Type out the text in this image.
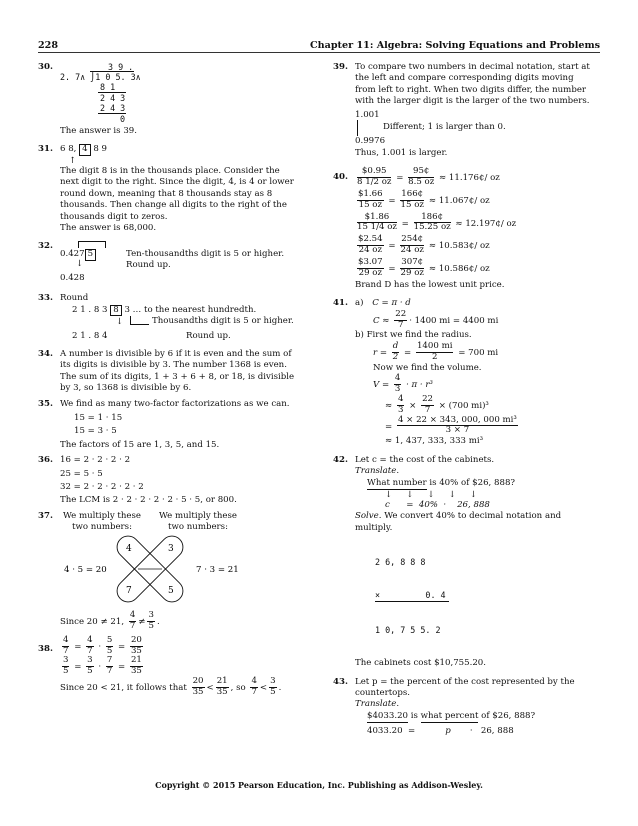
228	Chapter 11: Algebra: Solving Equations and Problems
30.	3 9 .
2. 7∧ ⌡1 0 5. 3∧
8 1
2 4 3
2 4 3
0

The answer is 39.

31. 6 8, 4 8 9
↑

The digit 8 is in the thousands place. Consider the next digit to the right. Since the digit, 4, is 4 or lower round down, meaning that 8 thousands stay as 8 thousands. Then change all digits to the right of the thousands digit to zeros.

The answer is 68,000.

32.
0.427 5	Ten-thousandths digit is 5 or higher.
↓	Round up.
0.428
33. Round

2 1 . 8 3 8 3 … to the nearest hundredth.
↓	Thousandths digit is 5 or higher.
2 1 . 8 4	Round up.
34. A number is divisible by 6 if it is even and the sum of its digits is divisible by 3. The number 1368 is even. The sum of its digits, 1 + 3 + 6 + 8, or 18, is divisible by 3, so 1368 is divisible by 6.

35. We find as many two-factor factorizations as we can.

15 = 1 · 15

15 = 3 · 5

The factors of 15 are 1, 3, 5, and 15.

36. 16 = 2 · 2 · 2 · 2

25 = 5 · 5

32 = 2 · 2 · 2 · 2 · 2

The LCM is 2 · 2 · 2 · 2 · 2 · 5 · 5, or 800.

37.	We multiply these
two numbers:
We multiply these
two numbers:
4	3
7	5
4 · 5 = 20	7 · 3 = 21
Since 20 ≠ 21, $\frac{4}{7} \ne \frac{3}{5}$ .
38. $\frac{4}{7} = \frac{4}{7} \cdot \frac{5}{5} = \frac{20}{35}$
$\frac{3}{5} = \frac{3}{5} \cdot \frac{7}{7} = \frac{21}{35}$
Since 20 < 21, it follows that $\frac{20}{35} < \frac{21}{35}$ , so $\frac{4}{7} < \frac{3}{5}$ .
39. To compare two numbers in decimal notation, start at the left and compare corresponding digits moving from left to right. When two digits differ, the number with the larger digit is the larger of the two numbers.

1.001
Different; 1 is larger than 0.
0.9976

Thus, 1.001 is larger.

40. $\frac{\$0.95}{8 1/2 oz} = \frac{95¢}{8.5 oz}$ ≈ 11.176¢/ oz
$\frac{\$1.66}{15 oz} = \frac{166¢}{15 oz}$ ≈ 11.067¢/ oz
$\frac{\$1.86}{15 1/4 oz} = \frac{186¢}{15.25 oz}$ ≈ 12.197¢/ oz
$\frac{\$2.54}{24 oz} = \frac{254¢}{24 oz}$ ≈ 10.583¢/ oz
$\frac{\$3.07}{29 oz} = \frac{307¢}{29 oz}$ ≈ 10.586¢/ oz

Brand D has the lowest unit price.

41. a) C = π · d
$C \approx \frac{22}{7} \cdot 1400$ mi = 4400 mi
b) First we find the radius.
$r = \frac{d}{2} = \frac{1400 mi}{2} = 700$ mi

Now we find the volume.

$V = \frac{4}{3} \cdot \pi \cdot r^3$
≈ $\frac{4}{3} \times \frac{22}{7} \times (700$ mi)³
= $\frac{\text{4 × 22 × 343, 000, 000 mi³}}{3 \times 7}$

≈ 1, 437, 333, 333 mi³

42. Let c = the cost of the cabinets.

Translate.

What number is 40% of $26, 888?
↓↓↓↓↓
c      =  40%  ·    26, 888
Solve. We convert 40% to decimal notation and multiply.

2 6, 8 8 8

×         0. 4

1 0, 7 5 5. 2

The cabinets cost $10,755.20.

43. Let p = the percent of the cost represented by the countertops.

Translate.

$4033.20 is what percent of $26, 888?
4033.20 =	p · 26, 888
Copyright © 2015 Pearson Education, Inc. Publishing as Addison-Wesley.
